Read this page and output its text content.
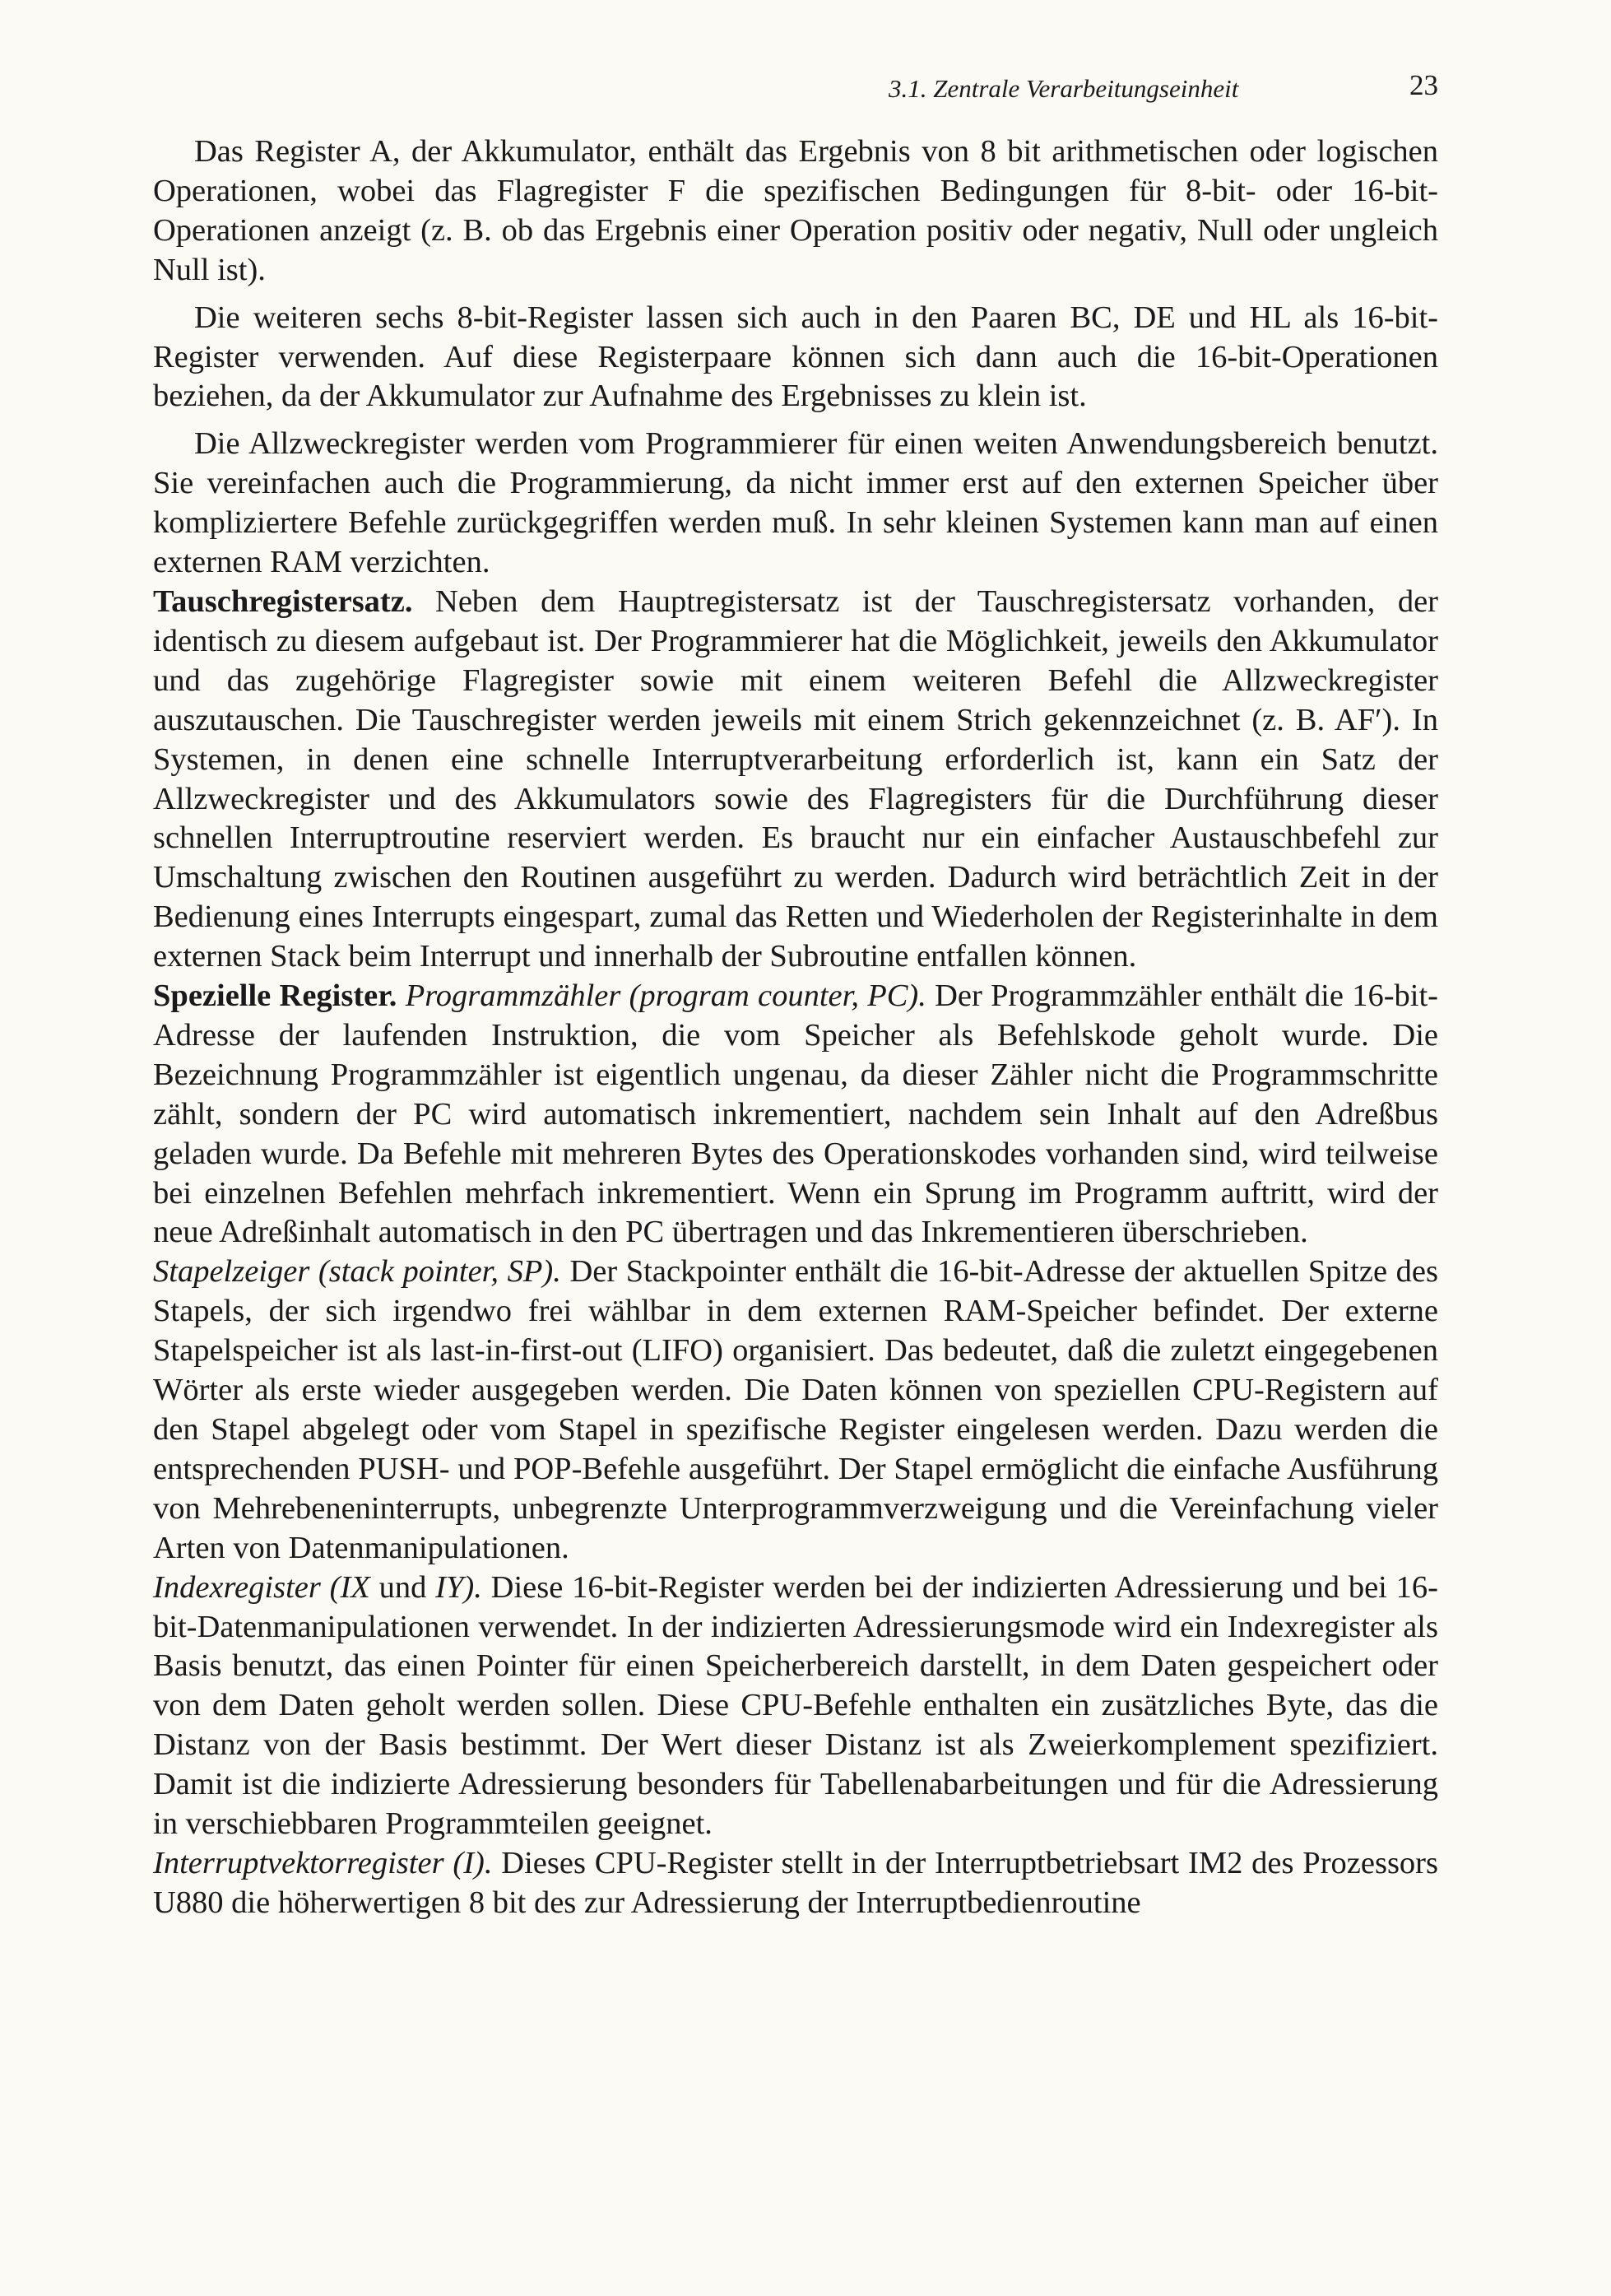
3.1. Zentrale Verarbeitungseinheit	23

Das Register A, der Akkumulator, enthält das Ergebnis von 8 bit arithmetischen oder logischen Operationen, wobei das Flagregister F die spezifischen Bedingungen für 8-bit- oder 16-bit-Operationen anzeigt (z. B. ob das Ergebnis einer Operation positiv oder negativ, Null oder ungleich Null ist).

Die weiteren sechs 8-bit-Register lassen sich auch in den Paaren BC, DE und HL als 16-bit-Register verwenden. Auf diese Registerpaare können sich dann auch die 16-bit-Operationen beziehen, da der Akkumulator zur Aufnahme des Ergebnisses zu klein ist.

Die Allzweckregister werden vom Programmierer für einen weiten Anwendungsbereich benutzt. Sie vereinfachen auch die Programmierung, da nicht immer erst auf den externen Speicher über kompliziertere Befehle zurückgegriffen werden muß. In sehr kleinen Systemen kann man auf einen externen RAM verzichten.

Tauschregistersatz. Neben dem Hauptregistersatz ist der Tauschregistersatz vorhanden, der identisch zu diesem aufgebaut ist. Der Programmierer hat die Möglichkeit, jeweils den Akkumulator und das zugehörige Flagregister sowie mit einem weiteren Befehl die Allzweckregister auszutauschen. Die Tauschregister werden jeweils mit einem Strich gekennzeichnet (z. B. AF′). In Systemen, in denen eine schnelle Interruptverarbeitung erforderlich ist, kann ein Satz der Allzweckregister und des Akkumulators sowie des Flagregisters für die Durchführung dieser schnellen Interruptroutine reserviert werden. Es braucht nur ein einfacher Austauschbefehl zur Umschaltung zwischen den Routinen ausgeführt zu werden. Dadurch wird beträchtlich Zeit in der Bedienung eines Interrupts eingespart, zumal das Retten und Wiederholen der Registerinhalte in dem externen Stack beim Interrupt und innerhalb der Subroutine entfallen können.

Spezielle Register. Programmzähler (program counter, PC). Der Programmzähler enthält die 16-bit-Adresse der laufenden Instruktion, die vom Speicher als Befehlskode geholt wurde. Die Bezeichnung Programmzähler ist eigentlich ungenau, da dieser Zähler nicht die Programmschritte zählt, sondern der PC wird automatisch inkrementiert, nachdem sein Inhalt auf den Adreßbus geladen wurde. Da Befehle mit mehreren Bytes des Operationskodes vorhanden sind, wird teilweise bei einzelnen Befehlen mehrfach inkrementiert. Wenn ein Sprung im Programm auftritt, wird der neue Adreßinhalt automatisch in den PC übertragen und das Inkrementieren überschrieben.

Stapelzeiger (stack pointer, SP). Der Stackpointer enthält die 16-bit-Adresse der aktuellen Spitze des Stapels, der sich irgendwo frei wählbar in dem externen RAM-Speicher befindet. Der externe Stapelspeicher ist als last-in-first-out (LIFO) organisiert. Das bedeutet, daß die zuletzt eingegebenen Wörter als erste wieder ausgegeben werden. Die Daten können von speziellen CPU-Registern auf den Stapel abgelegt oder vom Stapel in spezifische Register eingelesen werden. Dazu werden die entsprechenden PUSH- und POP-Befehle ausgeführt. Der Stapel ermöglicht die einfache Ausführung von Mehrebeneninterrupts, unbegrenzte Unterprogrammverzweigung und die Vereinfachung vieler Arten von Datenmanipulationen.

Indexregister (IX und IY). Diese 16-bit-Register werden bei der indizierten Adressierung und bei 16-bit-Datenmanipulationen verwendet. In der indizierten Adressierungsmode wird ein Indexregister als Basis benutzt, das einen Pointer für einen Speicherbereich darstellt, in dem Daten gespeichert oder von dem Daten geholt werden sollen. Diese CPU-Befehle enthalten ein zusätzliches Byte, das die Distanz von der Basis bestimmt. Der Wert dieser Distanz ist als Zweierkomplement spezifiziert. Damit ist die indizierte Adressierung besonders für Tabellenabarbeitungen und für die Adressierung in verschiebbaren Programmteilen geeignet.

Interruptvektorregister (I). Dieses CPU-Register stellt in der Interruptbetriebsart IM2 des Prozessors U880 die höherwertigen 8 bit des zur Adressierung der Interruptbedienroutine
